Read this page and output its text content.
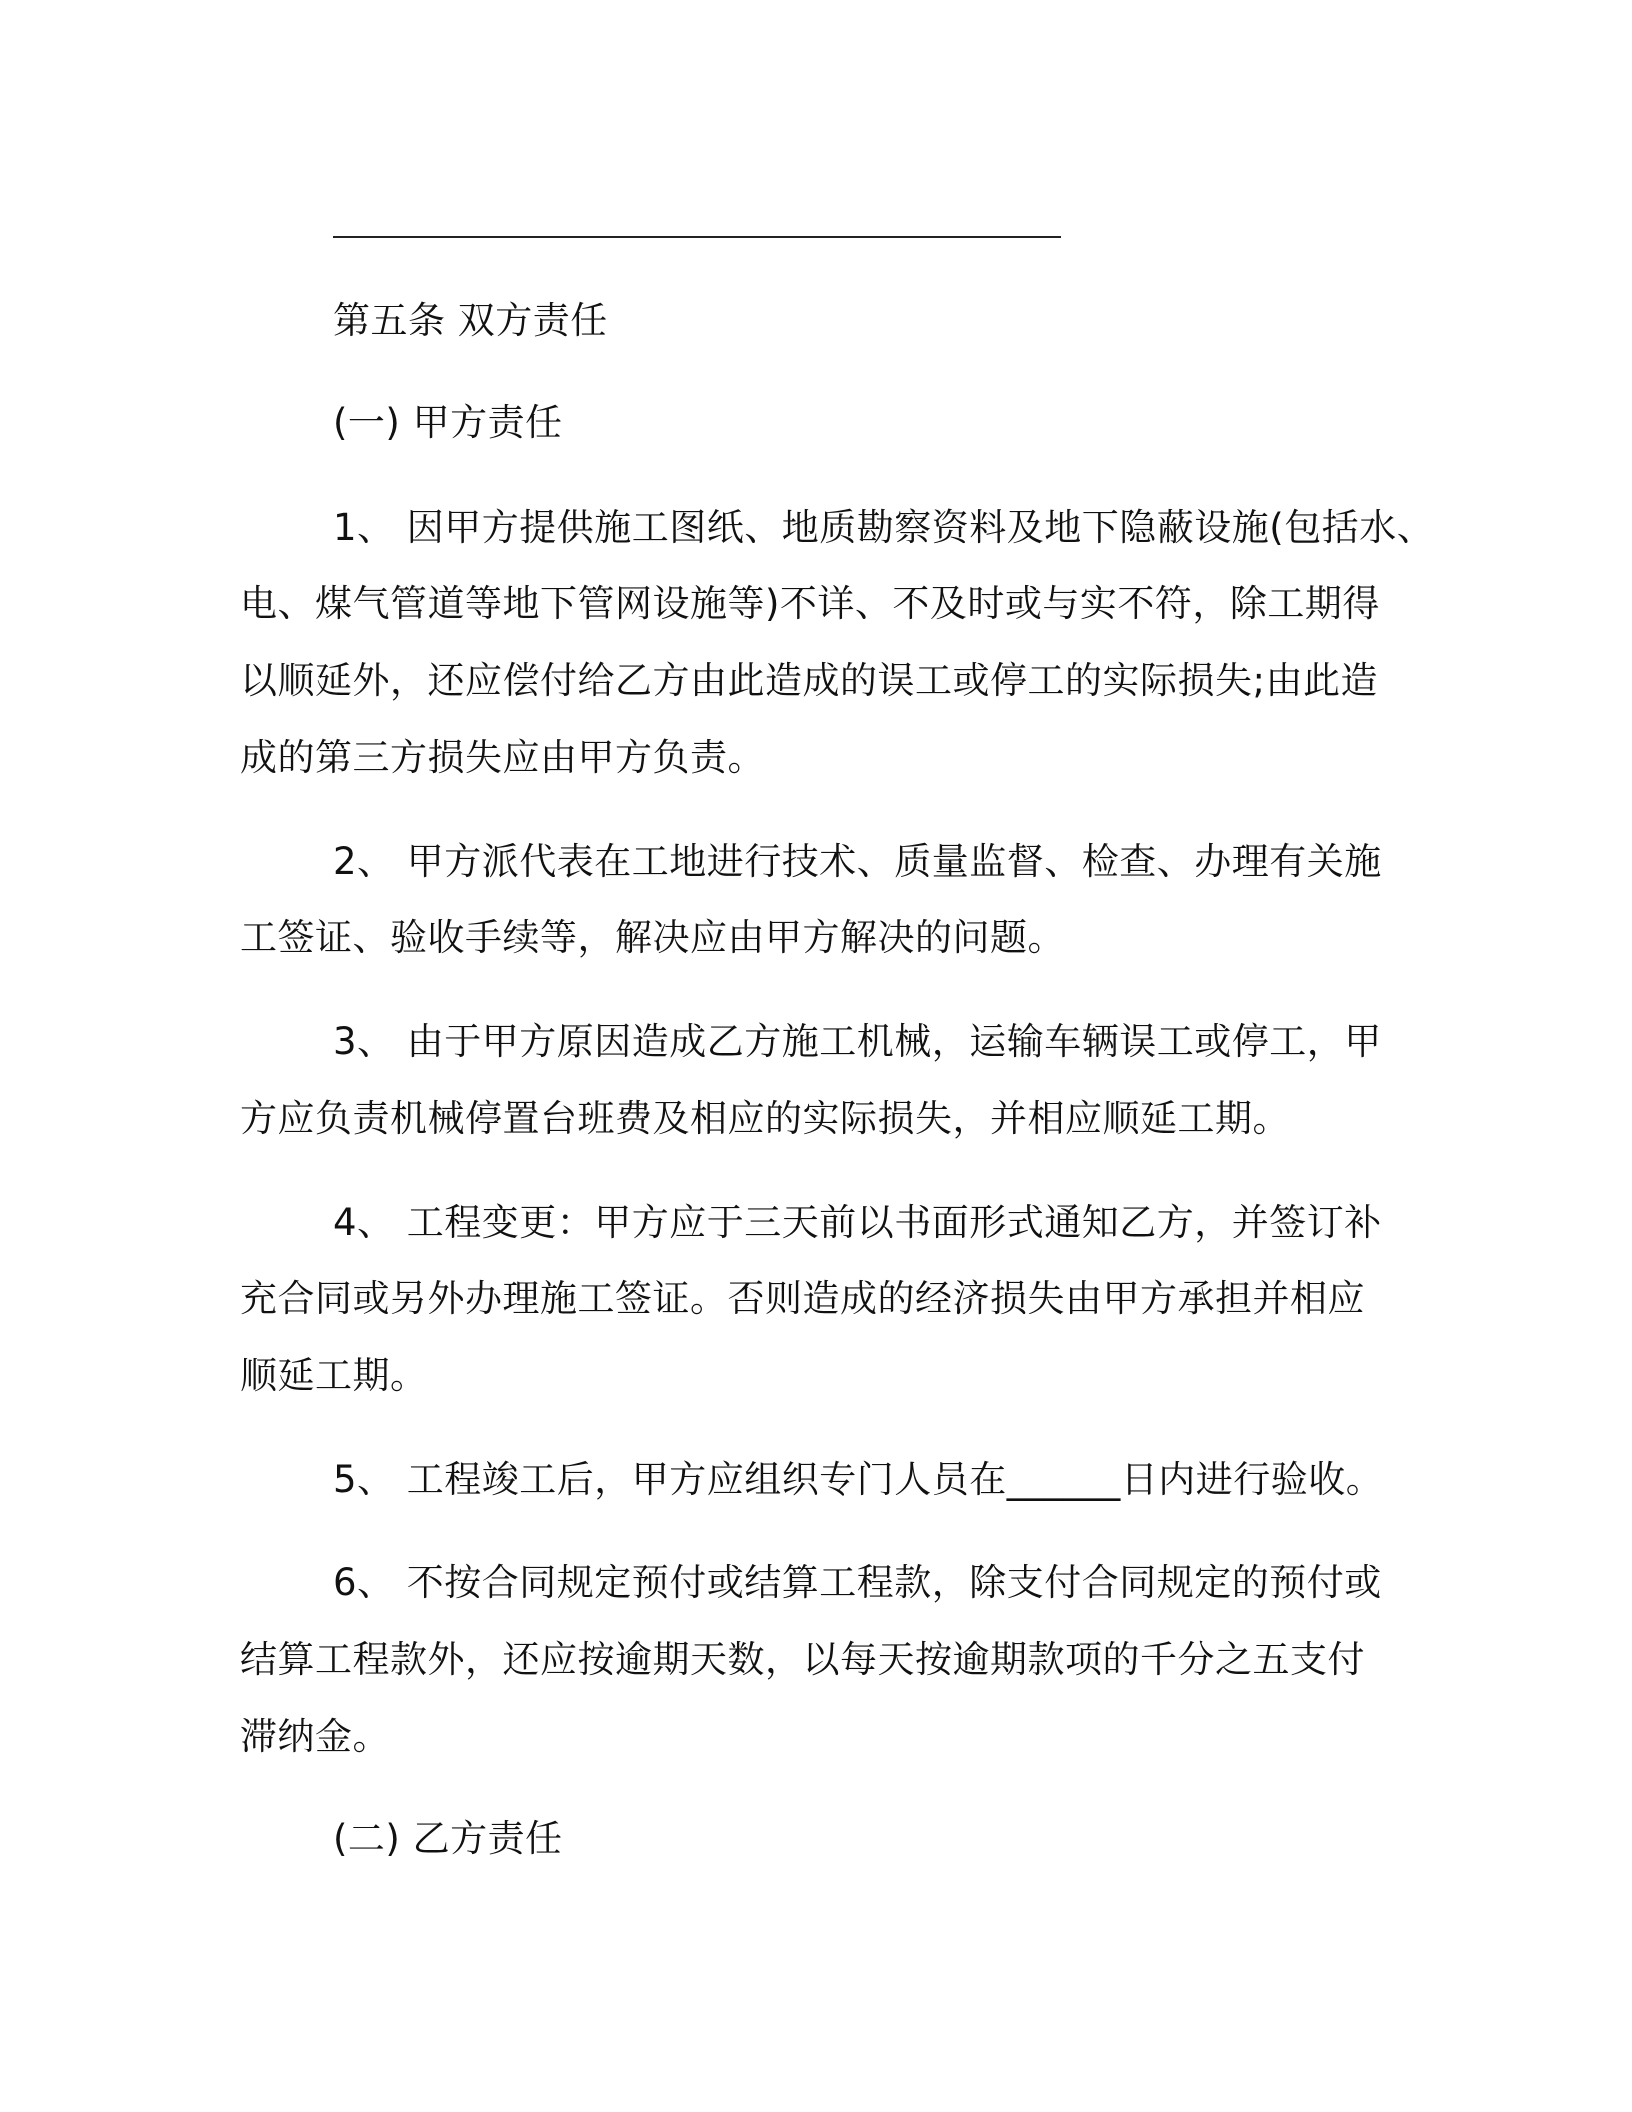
第五条 双方责任
(一) 甲方责任
1、 因甲方提供施工图纸、地质勘察资料及地下隐蔽设施(包括水、
电、煤气管道等地下管网设施等)不详、不及时或与实不符，除工期得
以顺延外，还应偿付给乙方由此造成的误工或停工的实际损失;由此造
成的第三方损失应由甲方负责。
2、 甲方派代表在工地进行技术、质量监督、检查、办理有关施
工签证、验收手续等，解决应由甲方解决的问题。
3、 由于甲方原因造成乙方施工机械，运输车辆误工或停工，甲
方应负责机械停置台班费及相应的实际损失，并相应顺延工期。
4、 工程变更：甲方应于三天前以书面形式通知乙方，并签订补
充合同或另外办理施工签证。否则造成的经济损失由甲方承担并相应
顺延工期。
5、 工程竣工后，甲方应组织专门人员在______日内进行验收。
6、 不按合同规定预付或结算工程款，除支付合同规定的预付或
结算工程款外，还应按逾期天数，以每天按逾期款项的千分之五支付
滞纳金。
(二) 乙方责任
